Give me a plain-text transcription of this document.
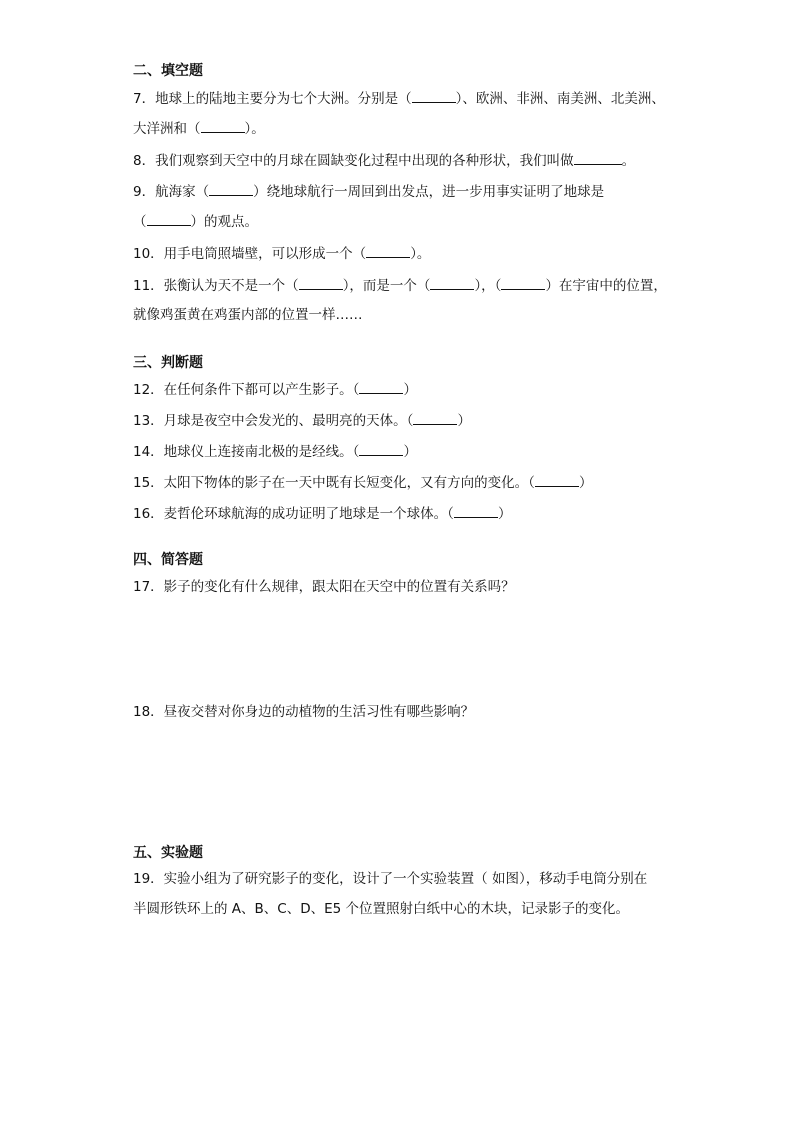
二、填空题
7．地球上的陆地主要分为七个大洲。分别是（	）、欧洲、非洲、南美洲、北美洲、
大洋洲和（	）。
8．我们观察到天空中的月球在圆缺变化过程中出现的各种形状，我们叫做	。
9．航海家（	）绕地球航行一周回到出发点，进一步用事实证明了地球是
（	）的观点。
10．用手电筒照墙壁，可以形成一个（	）。
11．张衡认为天不是一个（	），而是一个（	），（	）在宇宙中的位置，
就像鸡蛋黄在鸡蛋内部的位置一样……
三、判断题
12．在任何条件下都可以产生影子。（	）
13．月球是夜空中会发光的、最明亮的天体。（	）
14．地球仪上连接南北极的是经线。（	）
15．太阳下物体的影子在一天中既有长短变化，又有方向的变化。（	）
16．麦哲伦环球航海的成功证明了地球是一个球体。（	）
四、简答题
17．影子的变化有什么规律，跟太阳在天空中的位置有关系吗？
18．昼夜交替对你身边的动植物的生活习性有哪些影响？
五、实验题
19．实验小组为了研究影子的变化，设计了一个实验装置（ 如图），移动手电筒分别在
半圆形铁环上的 A、B、C、D、E5 个位置照射白纸中心的木块，记录影子的变化。
